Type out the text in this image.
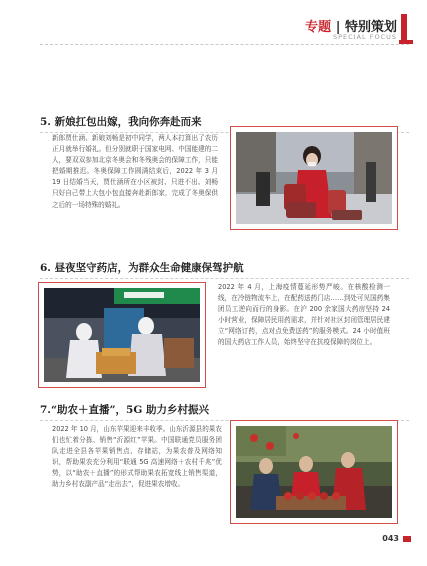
专题 | 特别策划
SPECIAL FOCUS
5. 新娘扛包出嫁，我向你奔赴而来
新郎贾仕涵、新娘刘畅是初中同学，两人本打算出了农历正月就举行婚礼。但分别就职于国家电网、中国能建的二人，要双双参加北京冬奥会和冬残奥会的保障工作，只能把婚期推迟。冬奥保障工作圆满结束后，2022 年 3 月 19 日结婚当天，贾仕涵所在小区被封、只进不出。刘畅只好自己带上大包小包直接奔赴新郎家，完成了冬奥保供之后的一场特殊的婚礼。
6. 昼夜坚守药店，为群众生命健康保驾护航
2022 年 4 月，上海疫情蔓延形势严峻。在核酸检测一线，在冷链物流车上，在配药送药门店……到处可见国药集团员工逆向而行的身影。在沪 200 余家国大药房坚持 24 小时营业，保障居民用药需求，并针对社区封闭管理居民建立“网络订药，点对点免费送药”的服务模式。24 小时值班的国大药店工作人员，始终坚守在抗疫保障的岗位上。
7.“助农＋直播”，5G 助力乡村振兴
2022 年 10 月，山东苹果迎来丰收季。山东沂源县的果农们也忙着分拣、销售“沂源红”苹果。中国联通党员服务团队走进全县各苹果销售点、存储站，为果农普及网络知识，帮助果农充分利用“联通 5G 高速网络＋农村千兆”优势，以“助农＋直播”的形式帮助果农拓宽线上销售渠道，助力乡村农副产品“走出去”，促进果农增收。
043
